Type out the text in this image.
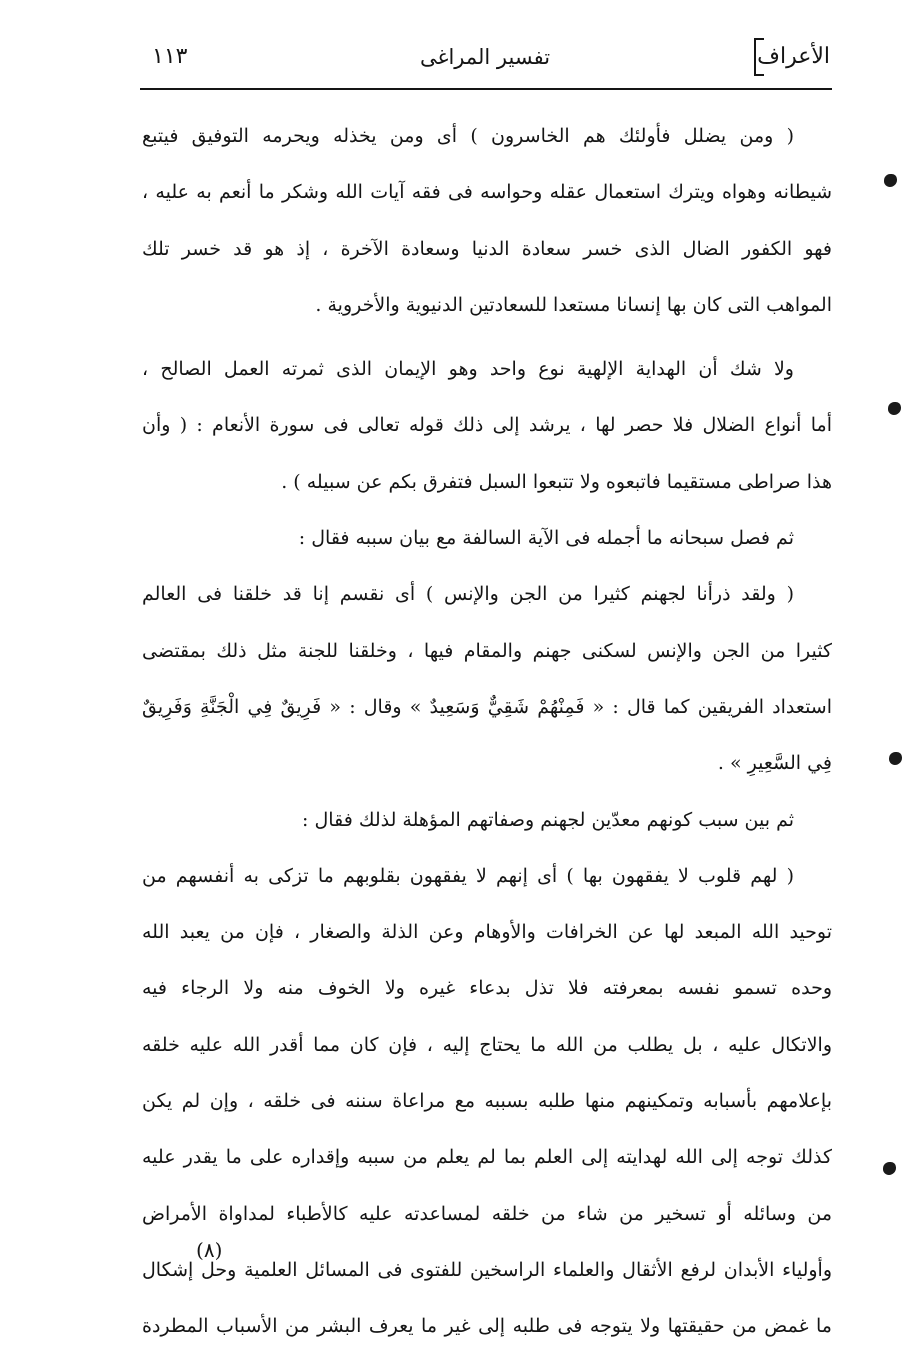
الأعراف
تفسير المراغى
١١٣
( ومن يضلل فأولئك هم الخاسرون ) أى ومن يخذله ويحرمه التوفيق فيتبع
شيطانه وهواه ويترك استعمال عقله وحواسه فى فقه آيات الله وشكر ما أنعم به عليه ،
فهو الكفور الضال الذى خسر سعادة الدنيا وسعادة الآخرة ، إذ هو قد خسر تلك
المواهب التى كان بها إنسانا مستعدا للسعادتين الدنيوية والأخروية .
ولا شك أن الهداية الإلهية نوع واحد وهو الإيمان الذى ثمرته العمل الصالح ،
أما أنواع الضلال فلا حصر لها ، يرشد إلى ذلك قوله تعالى فى سورة الأنعام : ( وأن
هذا صراطى مستقيما فاتبعوه ولا تتبعوا السبل فتفرق بكم عن سبيله ) .
ثم فصل سبحانه ما أجمله فى الآية السالفة مع بيان سببه فقال :
( ولقد ذرأنا لجهنم كثيرا من الجن والإنس ) أى نقسم إنا قد خلقنا فى العالم
كثيرا من الجن والإنس لسكنى جهنم والمقام فيها ، وخلقنا للجنة مثل ذلك بمقتضى
استعداد الفريقين كما قال : « فَمِنْهُمْ شَقِيٌّ وَسَعِيدٌ » وقال : « فَرِيقٌ فِي الْجَنَّةِ وَفَرِيقٌ
فِي السَّعِيرِ » .
ثم بين سبب كونهم معدّين لجهنم وصفاتهم المؤهلة لذلك فقال :
( لهم قلوب لا يفقهون بها ) أى إنهم لا يفقهون بقلوبهم ما تزكى به أنفسهم من
توحيد الله المبعد لها عن الخرافات والأوهام وعن الذلة والصغار ، فإن من يعبد الله
وحده تسمو نفسه بمعرفته فلا تذل بدعاء غيره ولا الخوف منه ولا الرجاء فيه
والاتكال عليه ، بل يطلب من الله ما يحتاج إليه ، فإن كان مما أقدر الله عليه خلقه
بإعلامهم بأسبابه وتمكينهم منها طلبه بسببه مع مراعاة سننه فى خلقه ، وإن لم يكن
كذلك توجه إلى الله لهدايته إلى العلم بما لم يعلم من سببه وإقداره على ما يقدر عليه
من وسائله أو تسخير من شاء من خلقه لمساعدته عليه كالأطباء لمداواة الأمراض
وأولياء الأبدان لرفع الأثقال والعلماء الراسخين للفتوى فى المسائل العلمية وحل إشكال
ما غمض من حقيقتها ولا يتوجه فى طلبه إلى غير ما يعرف البشر من الأسباب المطردة
(٨)
